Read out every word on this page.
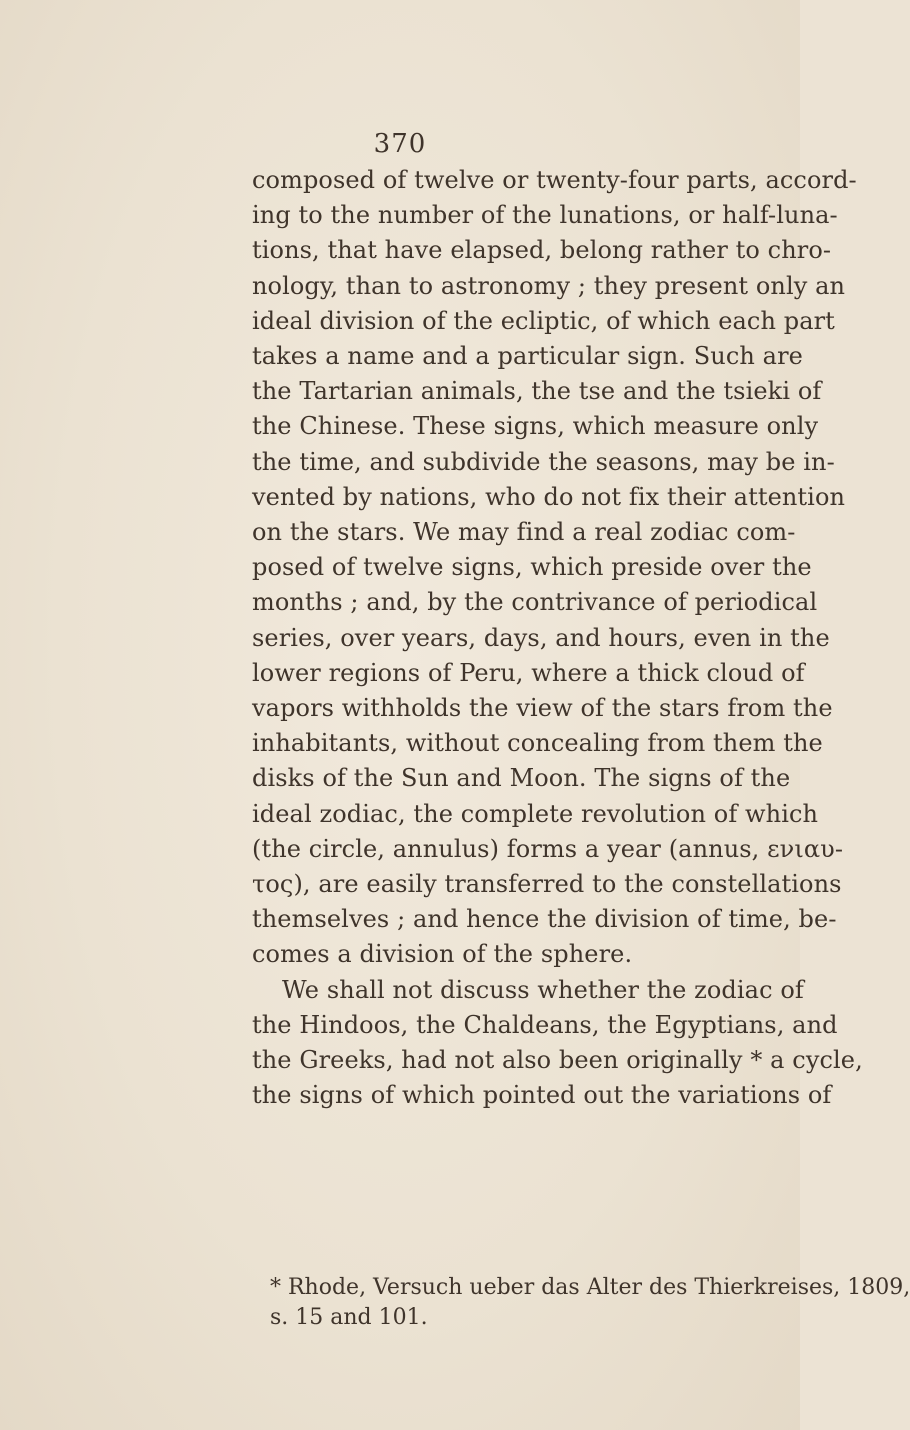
370
composed of twelve or twenty-four parts, accord-
ing to the number of the lunations, or half-luna-
tions, that have elapsed, belong rather to chro-
nology, than to astronomy ; they present only an
ideal division of the ecliptic, of which each part
takes a name and a particular sign. Such are
the Tartarian animals, the tse and the tsieki of
the Chinese. These signs, which measure only
the time, and subdivide the seasons, may be in-
vented by nations, who do not fix their attention
on the stars. We may find a real zodiac com-
posed of twelve signs, which preside over the
months ; and, by the contrivance of periodical
series, over years, days, and hours, even in the
lower regions of Peru, where a thick cloud of
vapors withholds the view of the stars from the
inhabitants, without concealing from them the
disks of the Sun and Moon. The signs of the
ideal zodiac, the complete revolution of which
(the circle, annulus) forms a year (annus, ενιαυ-
τος), are easily transferred to the constellations
themselves ; and hence the division of time, be-
comes a division of the sphere.
We shall not discuss whether the zodiac of
the Hindoos, the Chaldeans, the Egyptians, and
the Greeks, had not also been originally * a cycle,
the signs of which pointed out the variations of
* Rhode, Versuch ueber das Alter des Thierkreises, 1809,
s. 15 and 101.
